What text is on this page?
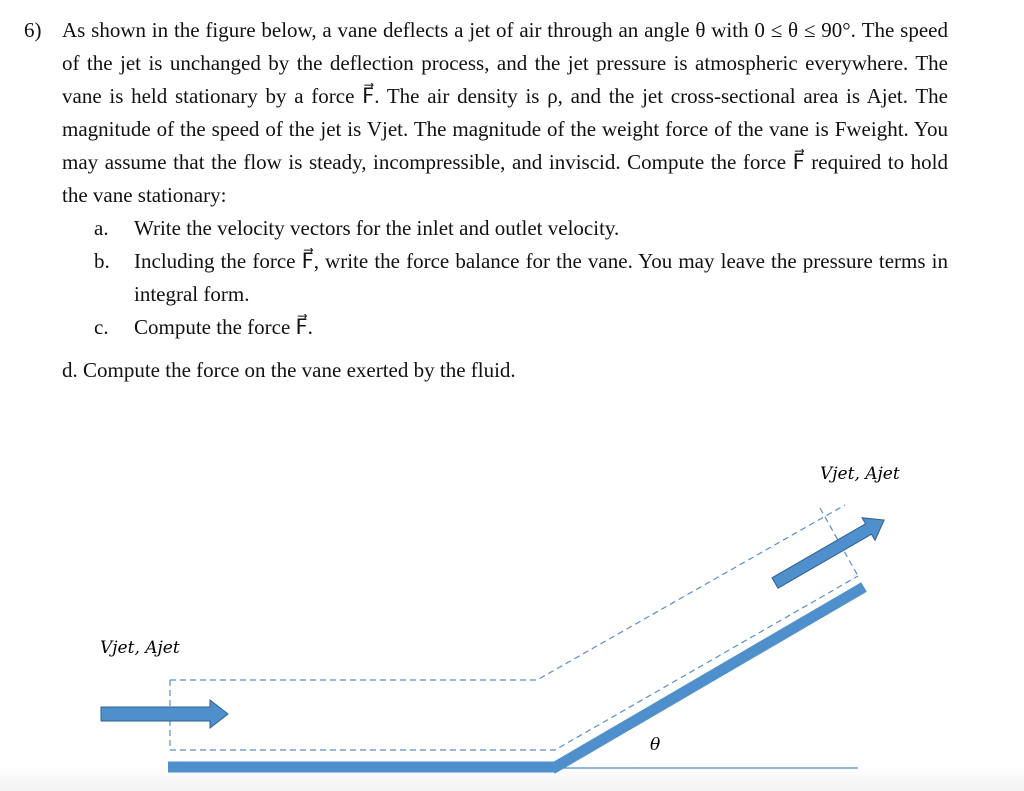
6) As shown in the figure below, a vane deflects a jet of air through an angle θ with 0 ≤ θ ≤ 90°. The speed of the jet is unchanged by the deflection process, and the jet pressure is atmospheric everywhere. The vane is held stationary by a force F⃗. The air density is ρ, and the jet cross-sectional area is Ajet. The magnitude of the speed of the jet is Vjet. The magnitude of the weight force of the vane is Fweight. You may assume that the flow is steady, incompressible, and inviscid. Compute the force F⃗ required to hold the vane stationary:
a.	Write the velocity vectors for the inlet and outlet velocity.
b.	Including the force F⃗, write the force balance for the vane. You may leave the pressure terms in integral form.
c.	Compute the force F⃗.
d. Compute the force on the vane exerted by the fluid.
Vjet, Ajet
Vjet, Ajet
θ
